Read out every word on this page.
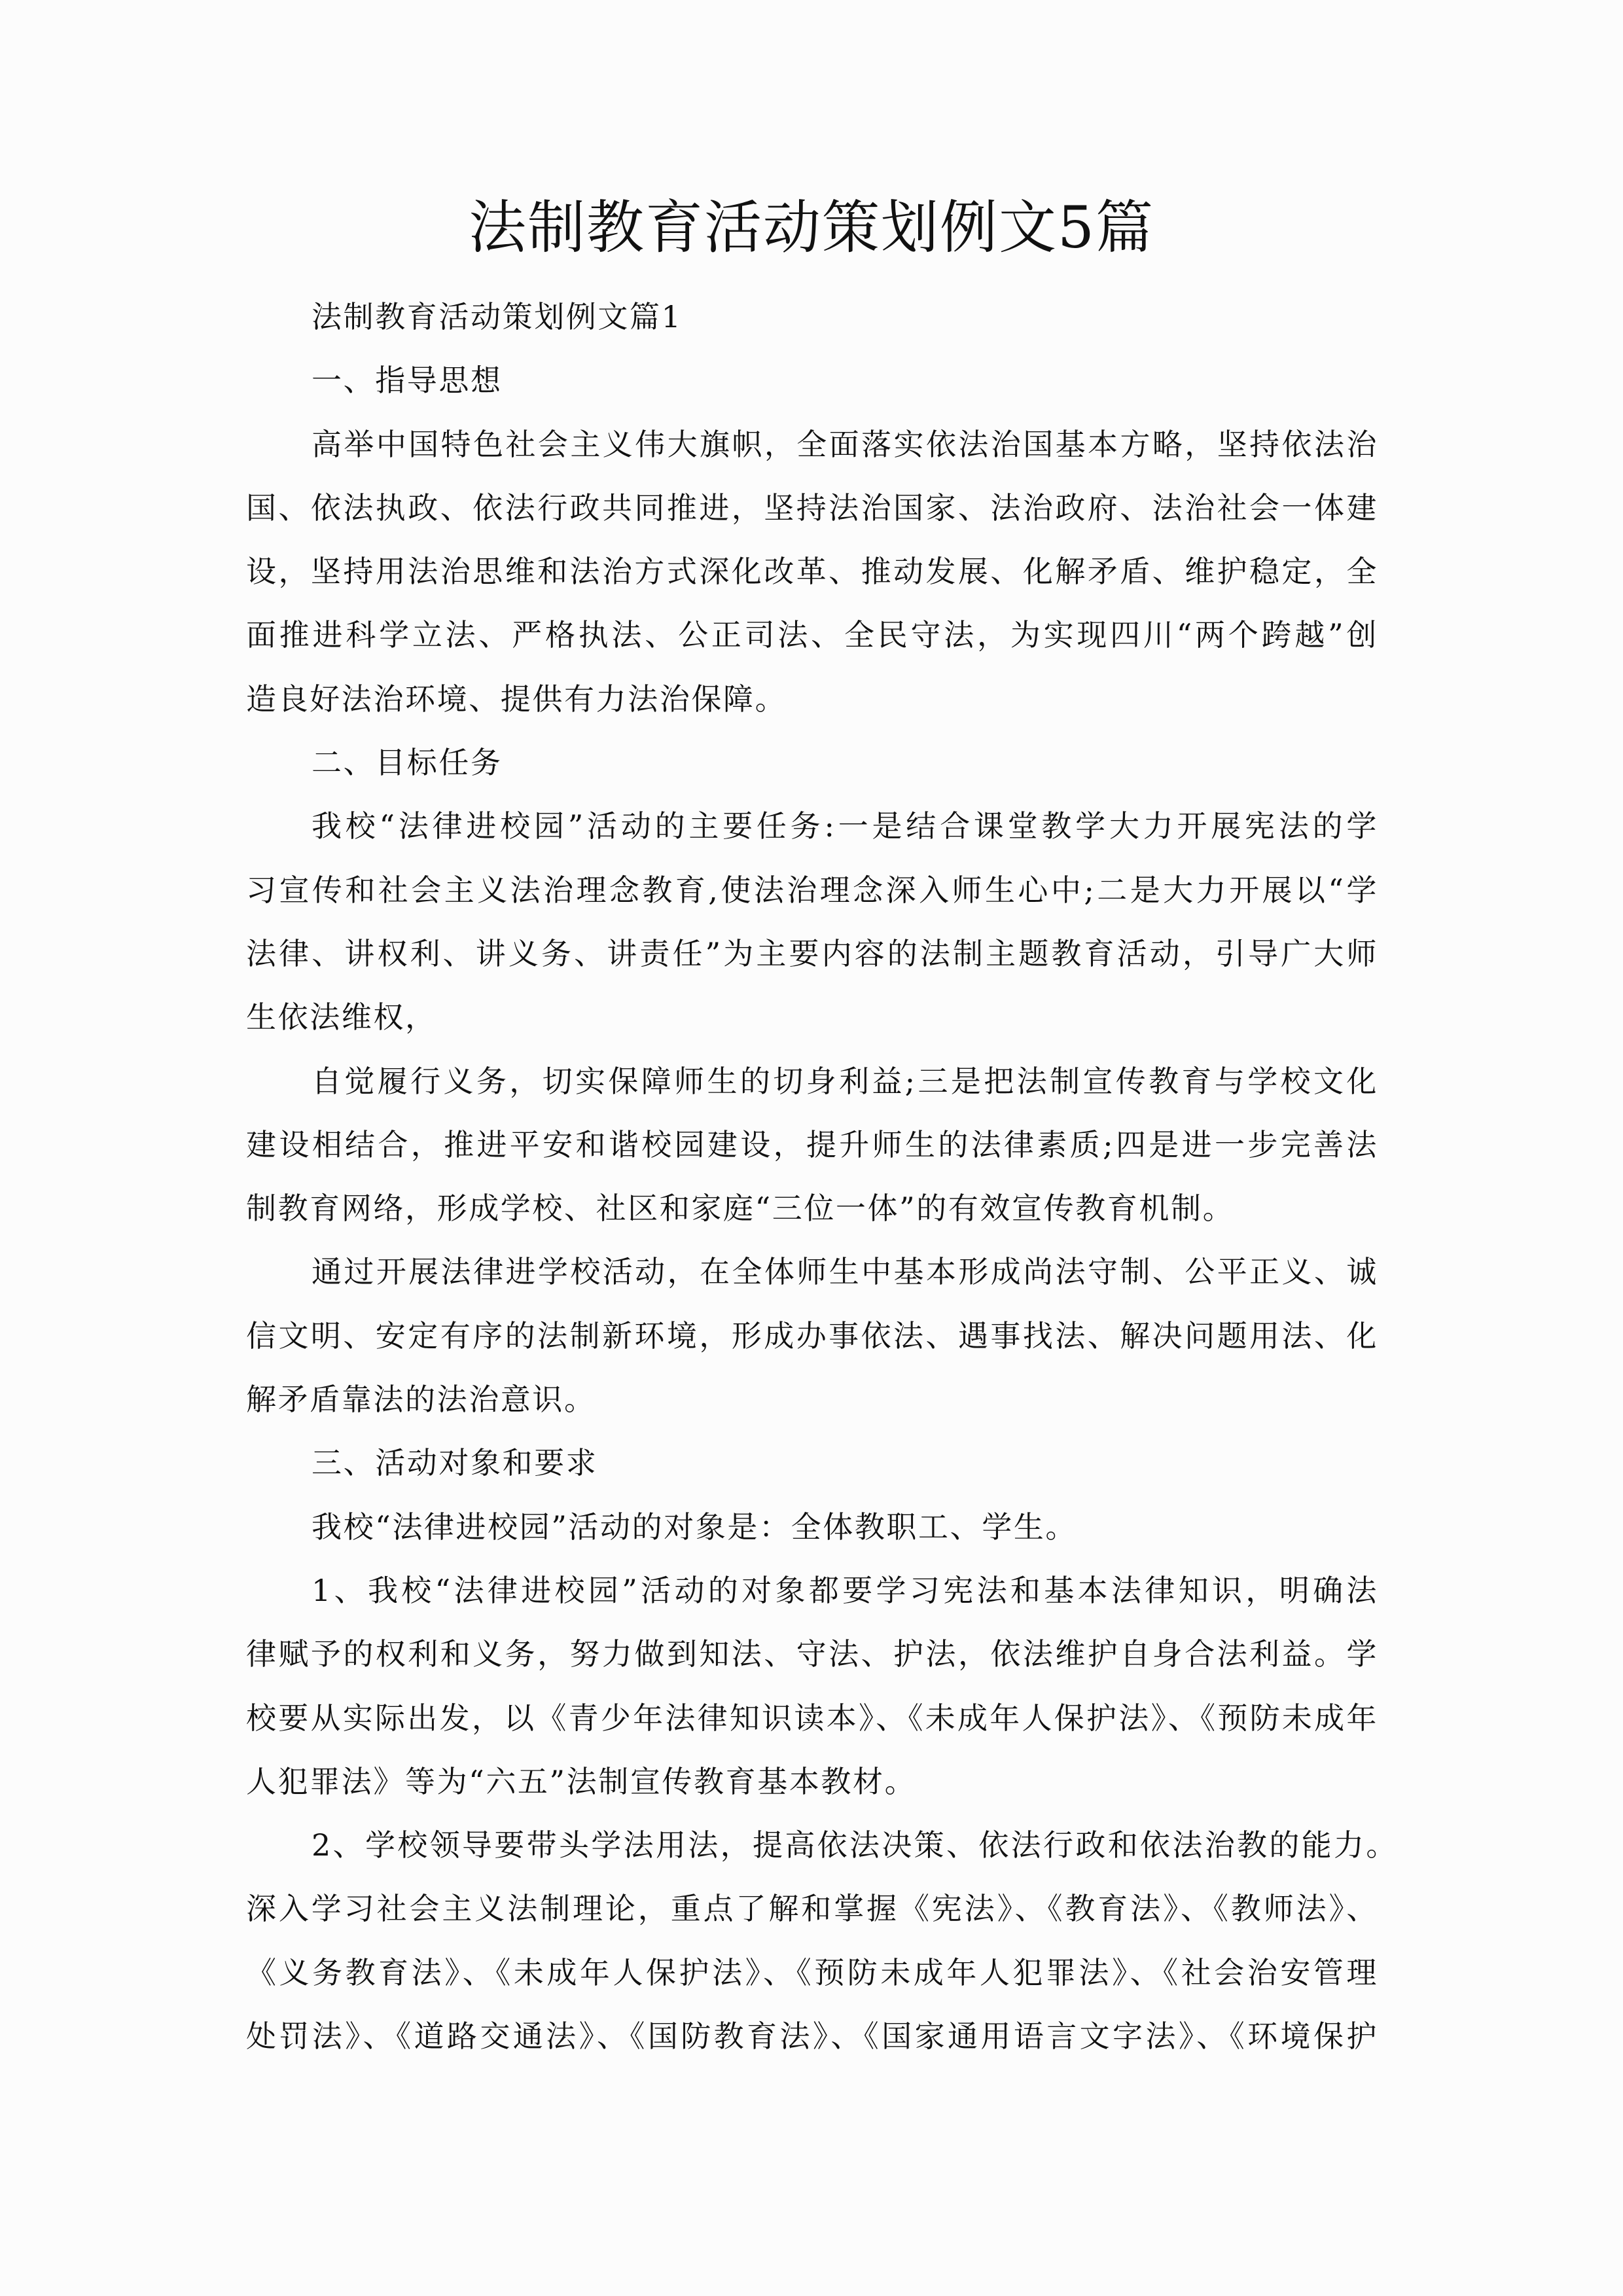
法制教育活动策划例文5篇
法制教育活动策划例文篇1
一、指导思想
高举中国特色社会主义伟大旗帜，全面落实依法治国基本方略，坚持依法治
国、依法执政、依法行政共同推进，坚持法治国家、法治政府、法治社会一体建
设，坚持用法治思维和法治方式深化改革、推动发展、化解矛盾、维护稳定，全
面推进科学立法、严格执法、公正司法、全民守法，为实现四川“两个跨越”创
造良好法治环境、提供有力法治保障。
二、目标任务
我校“法律进校园”活动的主要任务:一是结合课堂教学大力开展宪法的学
习宣传和社会主义法治理念教育,使法治理念深入师生心中;二是大力开展以“学
法律、讲权利、讲义务、讲责任”为主要内容的法制主题教育活动，引导广大师
生依法维权，
自觉履行义务，切实保障师生的切身利益;三是把法制宣传教育与学校文化
建设相结合，推进平安和谐校园建设，提升师生的法律素质;四是进一步完善法
制教育网络，形成学校、社区和家庭“三位一体”的有效宣传教育机制。
通过开展法律进学校活动，在全体师生中基本形成尚法守制、公平正义、诚
信文明、安定有序的法制新环境，形成办事依法、遇事找法、解决问题用法、化
解矛盾靠法的法治意识。
三、活动对象和要求
我校“法律进校园”活动的对象是：全体教职工、学生。
1、我校“法律进校园”活动的对象都要学习宪法和基本法律知识，明确法
律赋予的权利和义务，努力做到知法、守法、护法，依法维护自身合法利益。学
校要从实际出发，以《青少年法律知识读本》、《未成年人保护法》、《预防未成年
人犯罪法》等为“六五”法制宣传教育基本教材。
2、学校领导要带头学法用法，提高依法决策、依法行政和依法治教的能力。
深入学习社会主义法制理论，重点了解和掌握《宪法》、《教育法》、《教师法》、
《义务教育法》、《未成年人保护法》、《预防未成年人犯罪法》、《社会治安管理
处罚法》、《道路交通法》、《国防教育法》、《国家通用语言文字法》、《环境保护
